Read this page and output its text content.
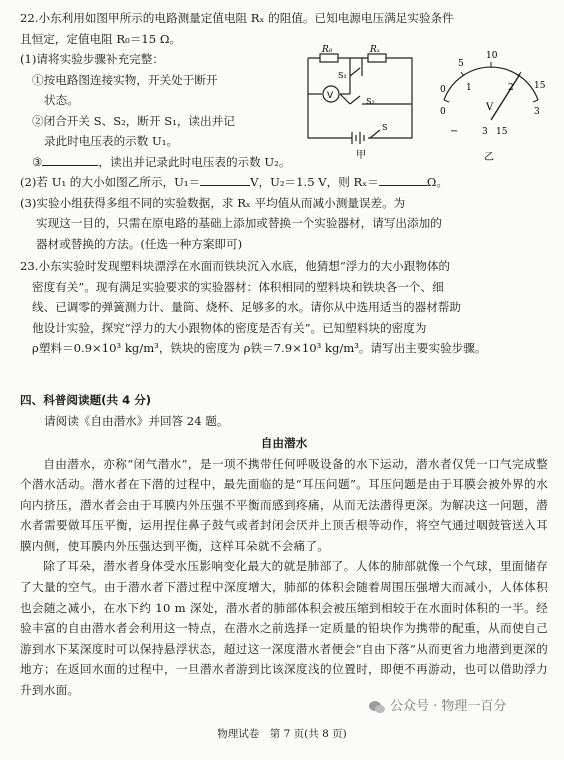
22.小东利用如图甲所示的电路测量定值电阻 Rₓ 的阻值。已知电源电压满足实验条件
且恒定，定值电阻 R₀＝15 Ω。
(1)请将实验步骤补充完整：
①按电路图连接实物，开关处于断开
状态。
②闭合开关 S、S₂，断开 S₁，读出并记
录此时电压表的示数 U₁。
③	，读出并记录此时电压表的示数 U₂。
(2)若 U₁ 的大小如图乙所示，U₁＝	V，U₂＝1.5 V，则 Rₓ＝	Ω。
(3)实验小组获得多组不同的实验数据，求 Rₓ 平均值从而减小测量误差。为
实现这一目的，只需在原电路的基础上添加或替换一个实验器材，请写出添加的
器材或替换的方法。(任选一种方案即可)
R₀	Rₓ
S₁
S₂
S
V
甲
0
5
10
15
0
1	2
3
V
−	3 15
乙
23.小东实验时发现塑料块漂浮在水面而铁块沉入水底，他猜想“浮力的大小跟物体的
密度有关”。现有满足实验要求的实验器材：体积相同的塑料块和铁块各一个、细
线、已调零的弹簧测力计、量筒、烧杯、足够多的水。请你从中选用适当的器材帮助
他设计实验，探究“浮力的大小跟物体的密度是否有关”。已知塑料块的密度为
ρ塑料＝0.9×10³ kg/m³，铁块的密度为 ρ铁＝7.9×10³ kg/m³。请写出主要实验步骤。
四、科普阅读题(共 4 分)
请阅读《自由潜水》并回答 24 题。
自由潜水

自由潜水，亦称“闭气潜水”，是一项不携带任何呼吸设备的水下运动，潜水者仅凭一口气完成整个潜水活动。潜水者在下潜的过程中，最先面临的是“耳压问题”。耳压问题是由于耳膜会被外界的水向内挤压，潜水者会由于耳膜内外压强不平衡而感到疼痛，从而无法潜得更深。为解决这一问题，潜水者需要做耳压平衡，运用捏住鼻子鼓气或者封闭会厌并上顶舌根等动作，将空气通过咽鼓管送入耳膜内侧，使耳膜内外压强达到平衡，这样耳朵就不会痛了。

除了耳朵，潜水者身体受水压影响变化最大的就是肺部了。人体的肺部就像一个气球，里面储存了大量的空气。由于潜水者下潜过程中深度增大，肺部的体积会随着周围压强增大而减小，人体体积也会随之减小，在水下约 10 m 深处，潜水者的肺部体积会被压缩到相较于在水面时体积的一半。经验丰富的自由潜水者会利用这一特点，在潜水之前选择一定质量的铅块作为携带的配重，从而使自己游到水下某深度时可以保持悬浮状态，超过这一深度潜水者便会“自由下落”从而更省力地潜到更深的地方；在返回水面的过程中，一旦潜水者游到比该深度浅的位置时，即便不再游动，也可以借助浮力升到水面。

公众号 · 物理一百分
物理试卷　第 7 页(共 8 页)
